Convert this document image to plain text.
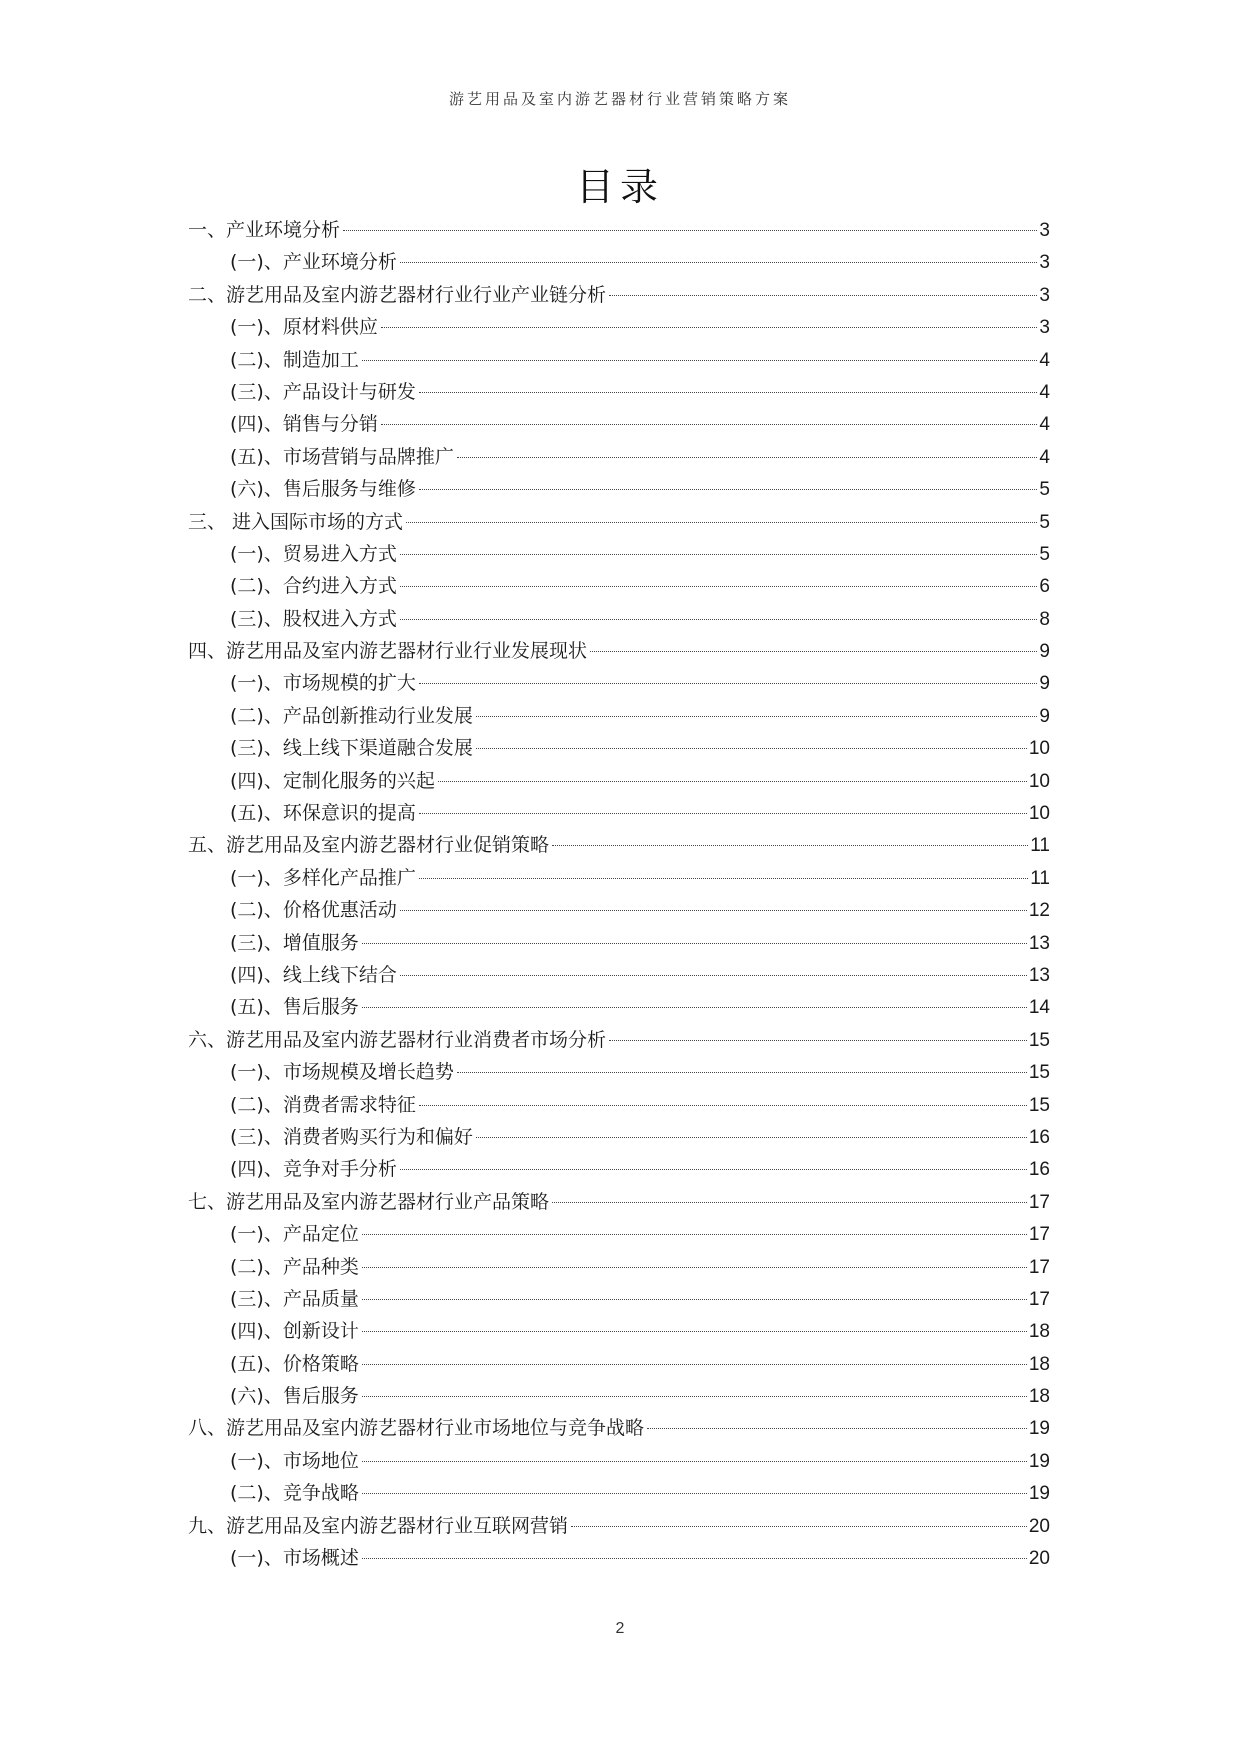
游艺用品及室内游艺器材行业营销策略方案
目录
一、产业环境分析	3
(一)、产业环境分析	3
二、游艺用品及室内游艺器材行业行业产业链分析	3
(一)、原材料供应	3
(二)、制造加工	4
(三)、产品设计与研发	4
(四)、销售与分销	4
(五)、市场营销与品牌推广	4
(六)、售后服务与维修	5
三、 进入国际市场的方式	5
(一)、贸易进入方式	5
(二)、合约进入方式	6
(三)、股权进入方式	8
四、游艺用品及室内游艺器材行业行业发展现状	9
(一)、市场规模的扩大	9
(二)、产品创新推动行业发展	9
(三)、线上线下渠道融合发展	10
(四)、定制化服务的兴起	10
(五)、环保意识的提高	10
五、游艺用品及室内游艺器材行业促销策略	11
(一)、多样化产品推广	11
(二)、价格优惠活动	12
(三)、增值服务	13
(四)、线上线下结合	13
(五)、售后服务	14
六、游艺用品及室内游艺器材行业消费者市场分析	15
(一)、市场规模及增长趋势	15
(二)、消费者需求特征	15
(三)、消费者购买行为和偏好	16
(四)、竞争对手分析	16
七、游艺用品及室内游艺器材行业产品策略	17
(一)、产品定位	17
(二)、产品种类	17
(三)、产品质量	17
(四)、创新设计	18
(五)、价格策略	18
(六)、售后服务	18
八、游艺用品及室内游艺器材行业市场地位与竞争战略	19
(一)、市场地位	19
(二)、竞争战略	19
九、游艺用品及室内游艺器材行业互联网营销	20
(一)、市场概述	20
2
